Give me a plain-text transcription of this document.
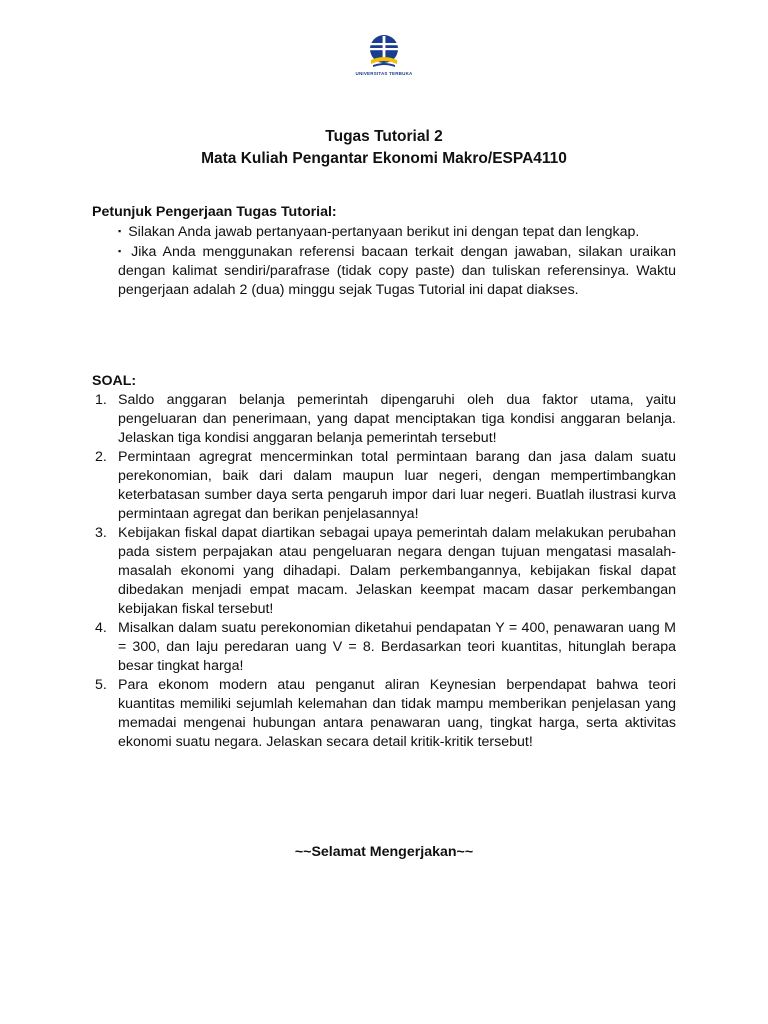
UNIVERSITAS TERBUKA
Tugas Tutorial 2
Mata Kuliah Pengantar Ekonomi Makro/ESPA4110
Petunjuk Pengerjaan Tugas Tutorial:
▪ Silakan Anda jawab pertanyaan-pertanyaan berikut ini dengan tepat dan lengkap.
▪ Jika Anda menggunakan referensi bacaan terkait dengan jawaban, silakan uraikan dengan kalimat sendiri/parafrase (tidak copy paste) dan tuliskan referensinya. Waktu pengerjaan adalah 2 (dua) minggu sejak Tugas Tutorial ini dapat diakses.
SOAL:
1. Saldo anggaran belanja pemerintah dipengaruhi oleh dua faktor utama, yaitu pengeluaran dan penerimaan, yang dapat menciptakan tiga kondisi anggaran belanja. Jelaskan tiga kondisi anggaran belanja pemerintah tersebut!
2. Permintaan agregrat mencerminkan total permintaan barang dan jasa dalam suatu perekonomian, baik dari dalam maupun luar negeri, dengan mempertimbangkan keterbatasan sumber daya serta pengaruh impor dari luar negeri. Buatlah ilustrasi kurva permintaan agregat dan berikan penjelasannya!
3. Kebijakan fiskal dapat diartikan sebagai upaya pemerintah dalam melakukan perubahan pada sistem perpajakan atau pengeluaran negara dengan tujuan mengatasi masalah-masalah ekonomi yang dihadapi. Dalam perkembangannya, kebijakan fiskal dapat dibedakan menjadi empat macam. Jelaskan keempat macam dasar perkembangan kebijakan fiskal tersebut!
4. Misalkan dalam suatu perekonomian diketahui pendapatan Y = 400, penawaran uang M = 300, dan laju peredaran uang V = 8. Berdasarkan teori kuantitas, hitunglah berapa besar tingkat harga!
5. Para ekonom modern atau penganut aliran Keynesian berpendapat bahwa teori kuantitas memiliki sejumlah kelemahan dan tidak mampu memberikan penjelasan yang memadai mengenai hubungan antara penawaran uang, tingkat harga, serta aktivitas ekonomi suatu negara. Jelaskan secara detail kritik-kritik tersebut!
~~Selamat Mengerjakan~~
